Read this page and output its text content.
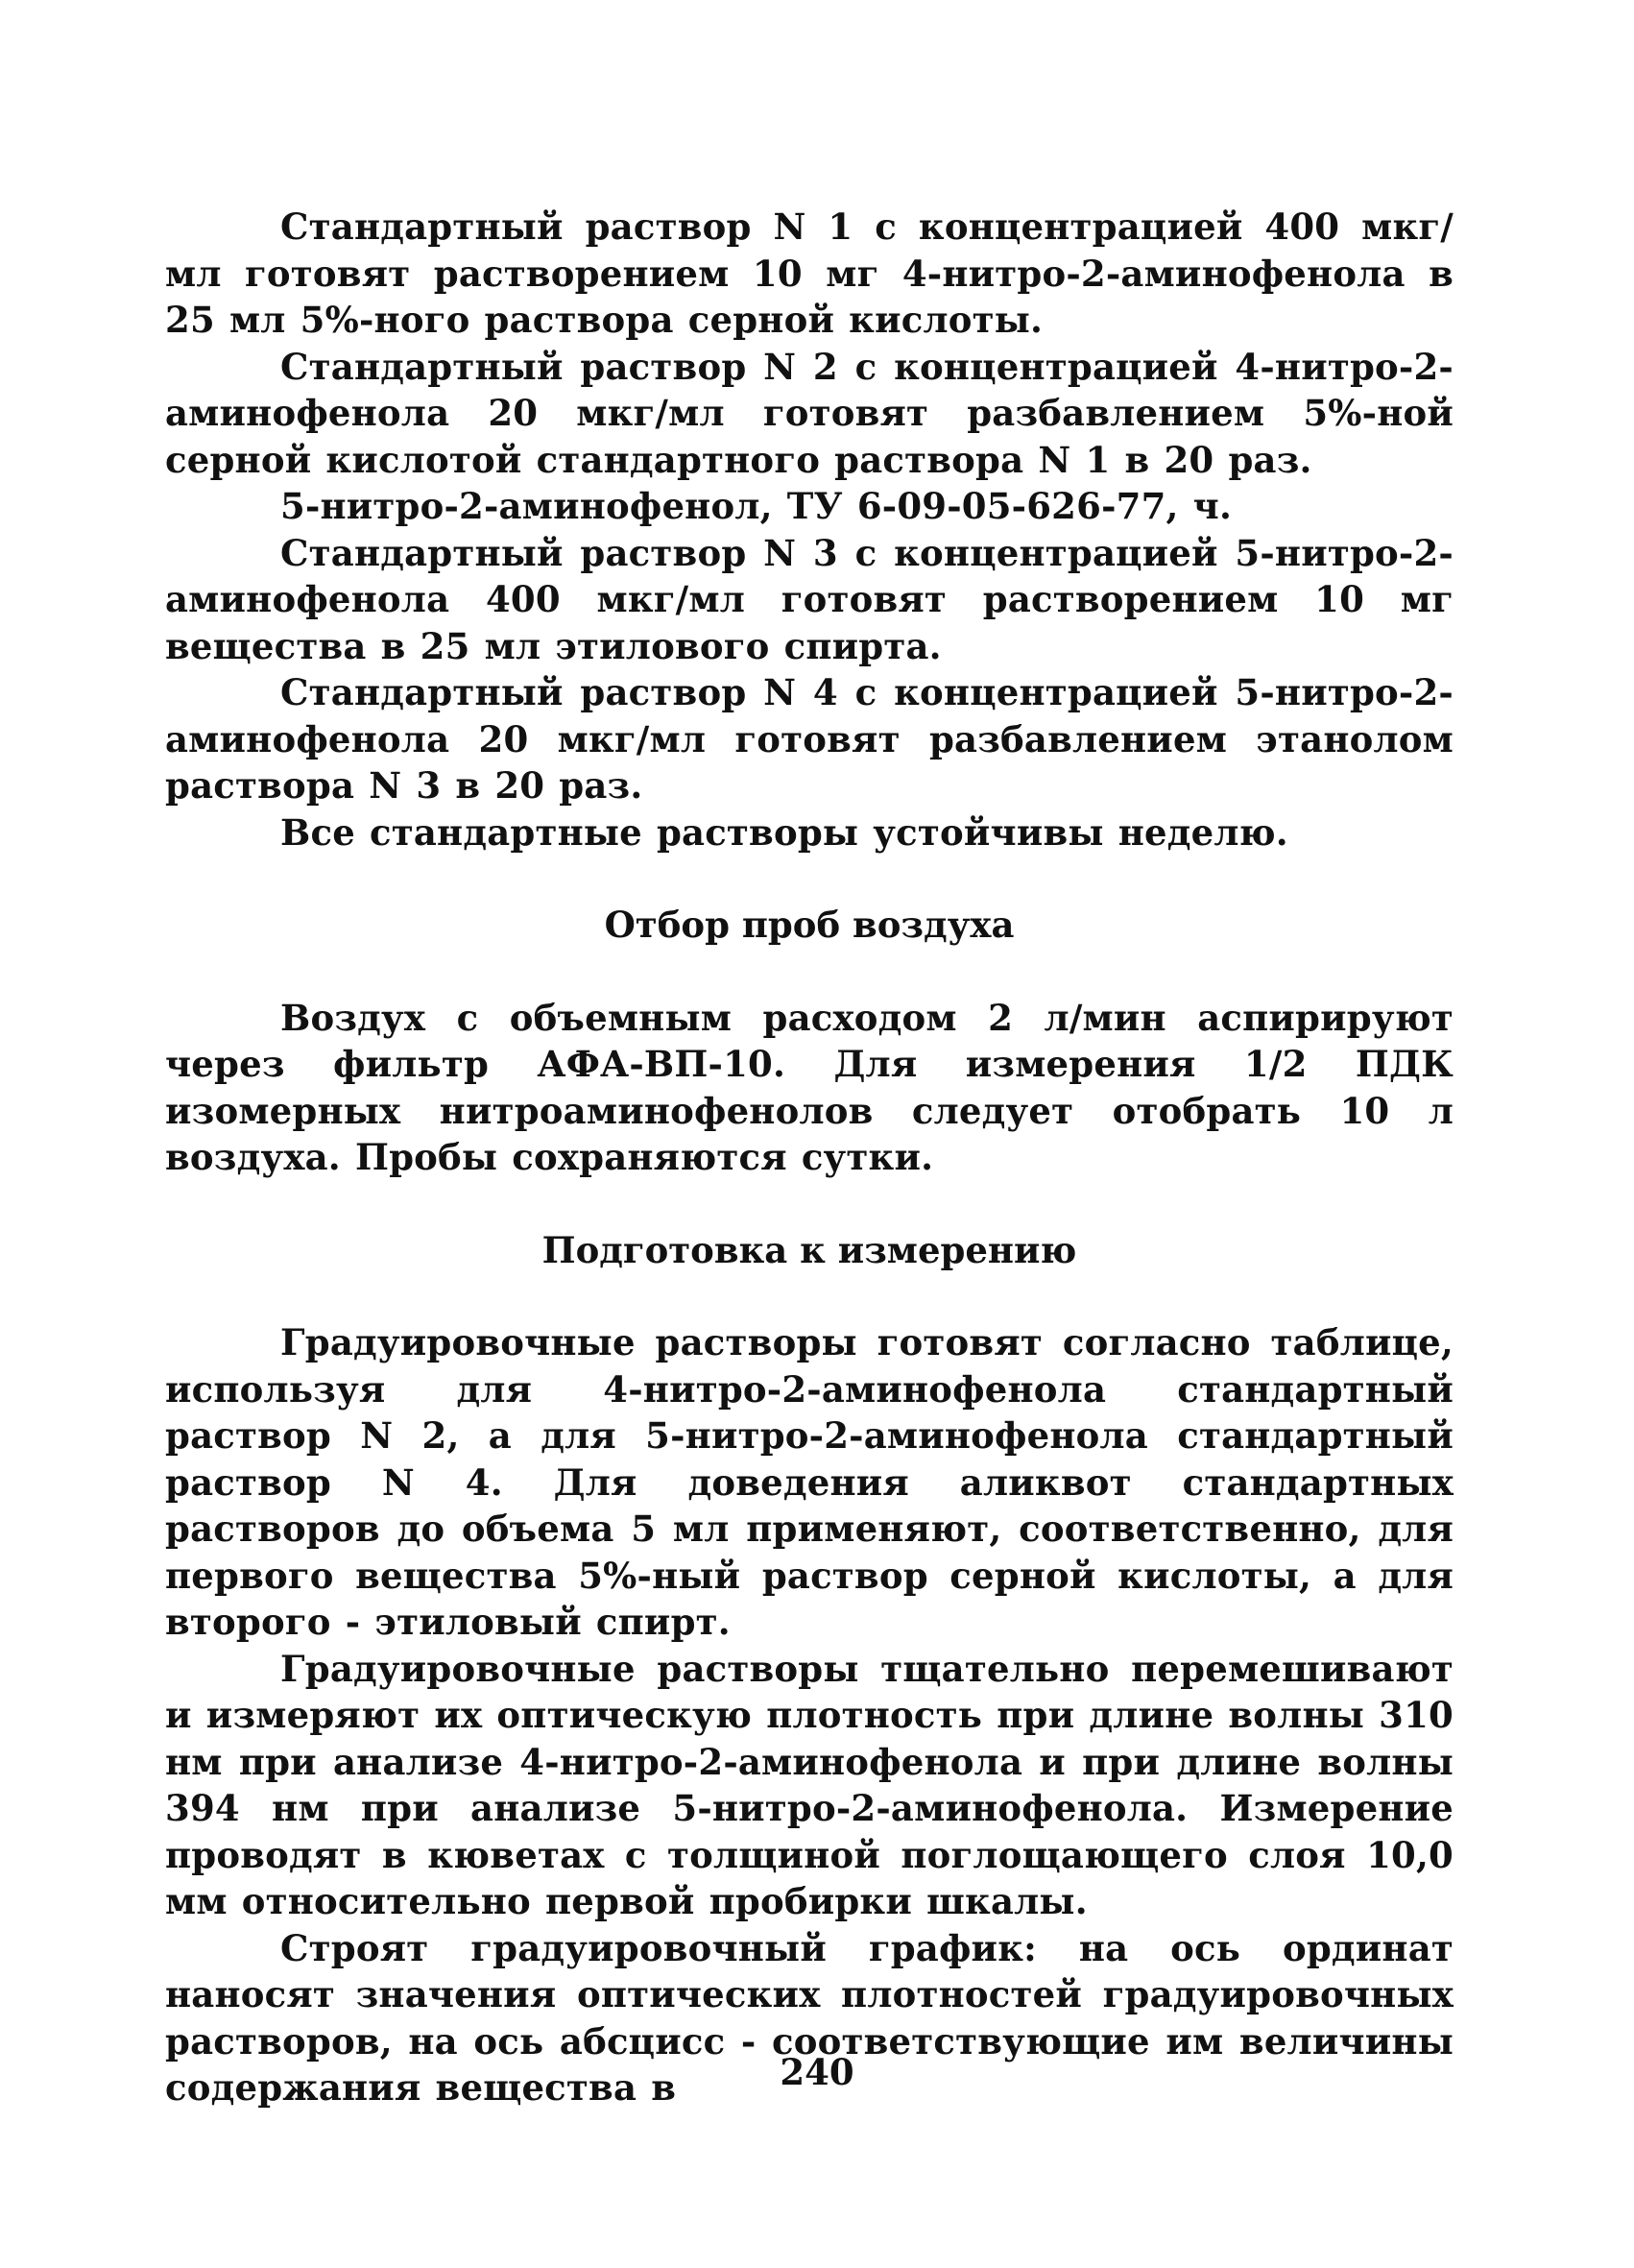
Стандартный раствор N 1 с концентрацией 400 мкг/мл готовят растворением 10 мг 4-нитро-2-аминофенола в 25 мл 5%-ного раствора серной кислоты.

Стандартный раствор N 2 с концентрацией 4-нитро-2-аминофенола 20 мкг/мл готовят разбавлением 5%-ной серной кислотой стандартного раствора N 1 в 20 раз.

5-нитро-2-аминофенол, ТУ 6-09-05-626-77, ч.

Стандартный раствор N 3 с концентрацией 5-нитро-2-аминофенола 400 мкг/мл готовят растворением 10 мг вещества в 25 мл этилового спирта.

Стандартный раствор N 4 с концентрацией 5-нитро-2-аминофенола 20 мкг/мл готовят разбавлением этанолом раствора N 3 в 20 раз.

Все стандартные растворы устойчивы неделю.

Отбор проб воздуха

Воздух с объемным расходом 2 л/мин аспирируют через фильтр АФА-ВП-10. Для измерения 1/2 ПДК изомерных нитроаминофенолов следует отобрать 10 л воздуха. Пробы сохраняются сутки.

Подготовка к измерению

Градуировочные растворы готовят согласно таблице, используя для 4-нитро-2-аминофенола стандартный раствор N 2, а для 5-нитро-2-аминофенола стандартный раствор N 4. Для доведения аликвот стандартных растворов до объема 5 мл применяют, соответственно, для первого вещества 5%-ный раствор серной кислоты, а для второго - этиловый спирт.

Градуировочные растворы тщательно перемешивают и измеряют их оптическую плотность при длине волны 310 нм при анализе 4-нитро-2-аминофенола и при длине волны 394 нм при анализе 5-нитро-2-аминофенола. Измерение проводят в кюветах с толщиной поглощающего слоя 10,0 мм относительно первой пробирки шкалы.

Строят градуировочный график: на ось ординат наносят значения оптических плотностей градуировочных растворов, на ось абсцисс - соответствующие им величины содержания вещества в	240
